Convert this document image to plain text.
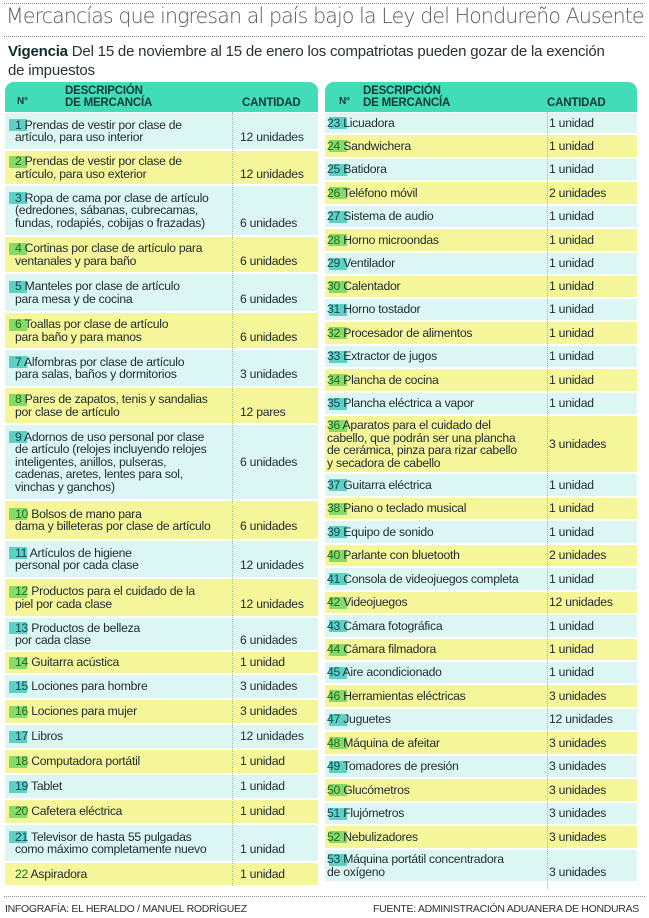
Mercancías que ingresan al país bajo la Ley del Hondureño Ausente
Vigencia Del 15 de noviembre al 15 de enero los compatriotas pueden gozar de la exención de impuestos
N°
DESCRIPCIÓN
DE MERCANCÍA	CANTIDAD
1 Prendas de vestir por clase de
artículo, para uso interior	12 unidades
2 Prendas de vestir por clase de
artículo, para uso exterior	12 unidades
3 Ropa de cama por clase de artículo
(edredones, sábanas, cubrecamas,
fundas, rodapiés, cobijas o frazadas)	6 unidades
4 Cortinas por clase de artículo para
ventanales y para baño	6 unidades
5 Manteles por clase de artículo
para mesa y de cocina	6 unidades
6 Toallas por clase de artículo
para baño y para manos	6 unidades
7 Alfombras por clase de artículo
para salas, baños y dormitorios	3 unidades
8 Pares de zapatos, tenis y sandalias
por clase de artículo	12 pares
9 Adornos de uso personal por clase
de artículo (relojes incluyendo relojes
inteligentes, anillos, pulseras,
cadenas, aretes, lentes para sol,
vinchas y ganchos)
6 unidades
10 Bolsos de mano para
dama y billeteras por clase de artículo 6 unidades
11 Artículos de higiene
personal por cada clase	12 unidades
12 Productos para el cuidado de la
piel por cada clase	12 unidades
13 Productos de belleza
por cada clase	6 unidades
14 Guitarra acústica	1 unidad
15 Lociones para hombre	3 unidades
16 Lociones para mujer	3 unidades
17 Libros	12 unidades
18 Computadora portátil	1 unidad
19 Tablet	1 unidad
20 Cafetera eléctrica	1 unidad
21 Televisor de hasta 55 pulgadas
como máximo completamente nuevo	1 unidad
22 Aspiradora	1 unidad
N°
DESCRIPCIÓN
DE MERCANCÍA	CANTIDAD
23 Licuadora	1 unidad
24 Sandwichera	1 unidad
25 Batidora	1 unidad
26 Teléfono móvil	2 unidades
27 Sistema de audio	1 unidad
28 Horno microondas	1 unidad
29 Ventilador	1 unidad
30 Calentador	1 unidad
31 Horno tostador	1 unidad
32 Procesador de alimentos	1 unidad
33 Extractor de jugos	1 unidad
34 Plancha de cocina	1 unidad
35 Plancha eléctrica a vapor	1 unidad
36 Aparatos para el cuidado del
cabello, que podrán ser una plancha
de cerámica, pinza para rizar cabello
y secadora de cabello
3 unidades
37 Guitarra eléctrica	1 unidad
38 Piano o teclado musical	1 unidad
39 Equipo de sonido	1 unidad
40 Parlante con bluetooth	2 unidades
41 Consola de videojuegos completa	1 unidad
42 Videojuegos	12 unidades
43 Cámara fotográfica	1 unidad
44 Cámara filmadora	1 unidad
45 Aire acondicionado	1 unidad
46 Herramientas eléctricas	3 unidades
47 Juguetes	12 unidades
48 Máquina de afeitar	3 unidades
49 Tomadores de presión	3 unidades
50 Glucómetros	3 unidades
51 Flujómetros	3 unidades
52 Nebulizadores	3 unidades
53 Máquina portátil concentradora
de oxígeno	3 unidades
INFOGRAFÍA: EL HERALDO / MANUEL RODRÍGUEZ	FUENTE: ADMINISTRACIÓN ADUANERA DE HONDURAS
